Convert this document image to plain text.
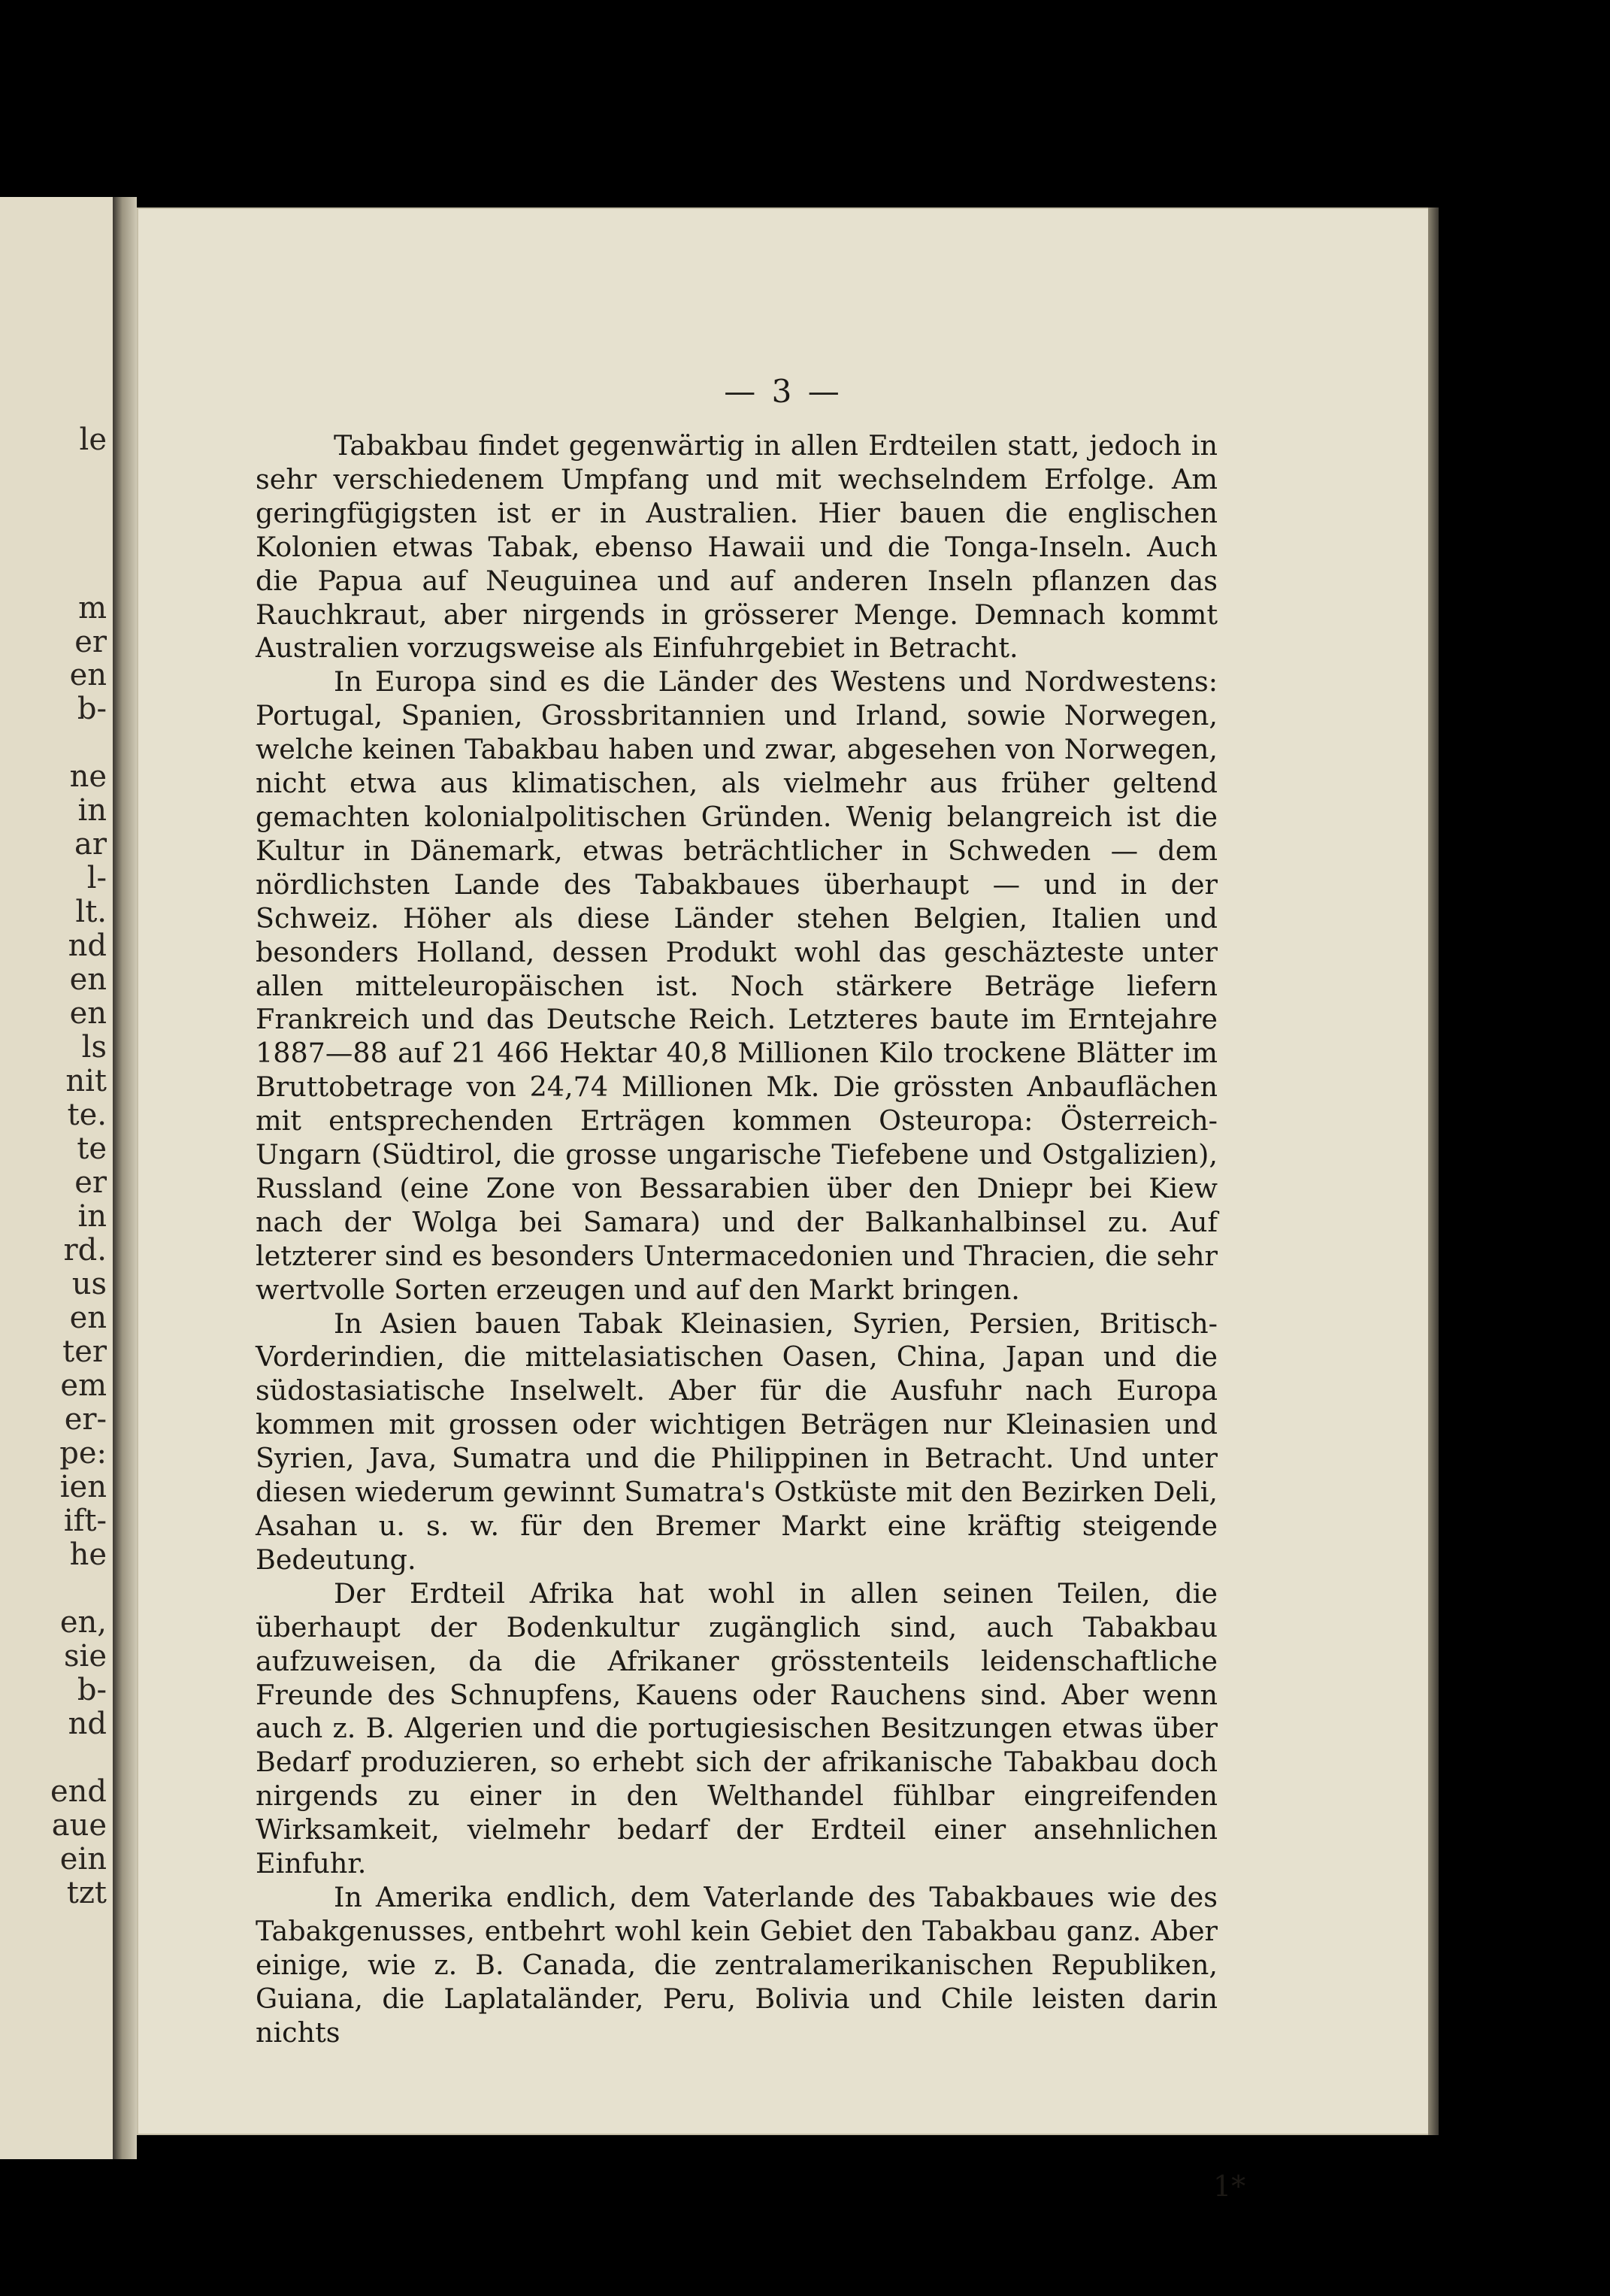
le
m
er
en
b-
ne
in
ar
l-
lt.
nd
en
en
ls
nit
te.
te
er
in
rd.
us
en
ter
em
er-
pe:
ien
ift-
he
en,
sie
b-
nd
end
aue
ein
tzt
— 3 —

Tabakbau findet gegenwärtig in allen Erdteilen statt, jedoch in sehr verschiedenem Umpfang und mit wechselndem Erfolge. Am geringfügigsten ist er in Australien. Hier bauen die englischen Kolonien etwas Tabak, ebenso Hawaii und die Tonga-Inseln. Auch die Papua auf Neuguinea und auf anderen Inseln pflanzen das Rauchkraut, aber nirgends in grösserer Menge. Demnach kommt Australien vorzugsweise als Einfuhrgebiet in Betracht.

In Europa sind es die Länder des Westens und Nordwestens: Portugal, Spanien, Grossbritannien und Irland, sowie Norwegen, welche keinen Tabakbau haben und zwar, abgesehen von Norwegen, nicht etwa aus klimatischen, als vielmehr aus früher geltend gemachten kolonialpolitischen Gründen. Wenig belangreich ist die Kultur in Dänemark, etwas beträchtlicher in Schweden — dem nördlichsten Lande des Tabakbaues überhaupt — und in der Schweiz. Höher als diese Länder stehen Belgien, Italien und besonders Holland, dessen Produkt wohl das geschäzteste unter allen mitteleuropäischen ist. Noch stärkere Beträge liefern Frankreich und das Deutsche Reich. Letzteres baute im Erntejahre 1887—88 auf 21 466 Hektar 40,8 Millionen Kilo trockene Blätter im Bruttobetrage von 24,74 Millionen Mk. Die grössten Anbauflächen mit entsprechenden Erträgen kommen Osteuropa: Österreich-Ungarn (Südtirol, die grosse ungarische Tiefebene und Ostgalizien), Russland (eine Zone von Bessarabien über den Dniepr bei Kiew nach der Wolga bei Samara) und der Balkanhalbinsel zu. Auf letzterer sind es besonders Untermacedonien und Thracien, die sehr wertvolle Sorten erzeugen und auf den Markt bringen.

In Asien bauen Tabak Kleinasien, Syrien, Persien, Britisch-Vorderindien, die mittelasiatischen Oasen, China, Japan und die südostasiatische Inselwelt. Aber für die Ausfuhr nach Europa kommen mit grossen oder wichtigen Beträgen nur Kleinasien und Syrien, Java, Sumatra und die Philippinen in Betracht. Und unter diesen wiederum gewinnt Sumatra's Ostküste mit den Bezirken Deli, Asahan u. s. w. für den Bremer Markt eine kräftig steigende Bedeutung.

Der Erdteil Afrika hat wohl in allen seinen Teilen, die überhaupt der Bodenkultur zugänglich sind, auch Tabakbau aufzuweisen, da die Afrikaner grösstenteils leidenschaftliche Freunde des Schnupfens, Kauens oder Rauchens sind. Aber wenn auch z. B. Algerien und die portugiesischen Besitzungen etwas über Bedarf produzieren, so erhebt sich der afrikanische Tabakbau doch nirgends zu einer in den Welthandel fühlbar eingreifenden Wirksamkeit, vielmehr bedarf der Erdteil einer ansehnlichen Einfuhr.

In Amerika endlich, dem Vaterlande des Tabakbaues wie des Tabakgenusses, entbehrt wohl kein Gebiet den Tabakbau ganz. Aber einige, wie z. B. Canada, die zentralamerikanischen Republiken, Guiana, die Laplataländer, Peru, Bolivia und Chile leisten darin nichts

1*
